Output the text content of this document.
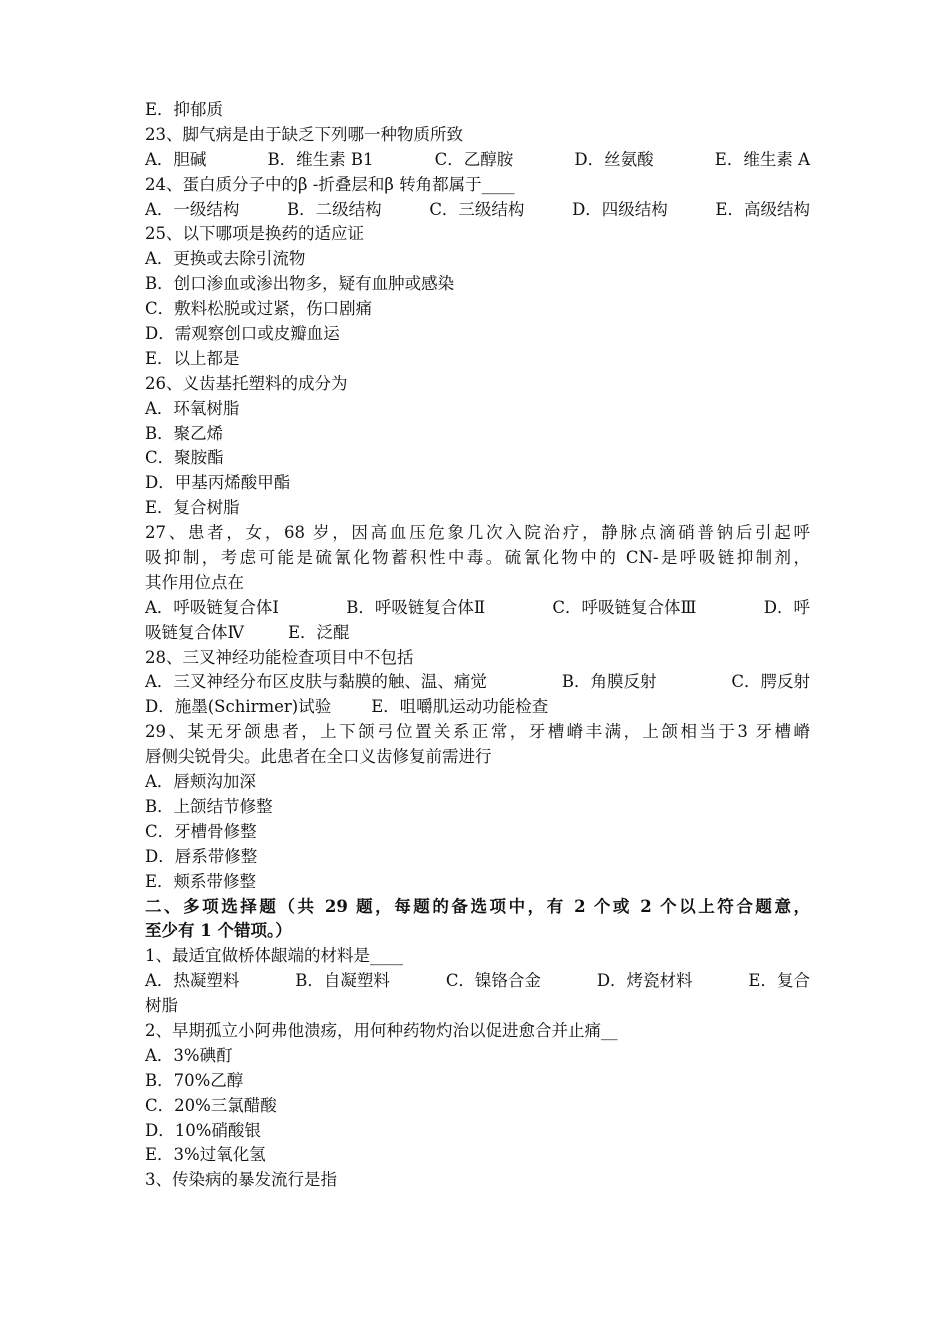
E．抑郁质
23、脚气病是由于缺乏下列哪一种物质所致
A．胆碱	B．维生素 B1	C．乙醇胺	D．丝氨酸	E．维生素 A
24、蛋白质分子中的β -折叠层和β 转角都属于____
A．一级结构	B．二级结构	C．三级结构	D．四级结构	E．高级结构
25、以下哪项是换药的适应证
A．更换或去除引流物
B．创口渗血或渗出物多，疑有血肿或感染
C．敷料松脱或过紧，伤口剧痛
D．需观察创口或皮瓣血运
E．以上都是
26、义齿基托塑料的成分为
A．环氧树脂
B．聚乙烯
C．聚胺酯
D．甲基丙烯酸甲酯
E．复合树脂
27、患者，女，68 岁，因高血压危象几次入院治疗，静脉点滴硝普钠后引起呼
吸抑制，考虑可能是硫氰化物蓄积性中毒。硫氰化物中的 CN-是呼吸链抑制剂，
其作用位点在
A．呼吸链复合体Ⅰ	B．呼吸链复合体Ⅱ	C．呼吸链复合体Ⅲ	D．呼
吸链复合体Ⅳ	E．泛醌
28、三叉神经功能检查项目中不包括
A．三叉神经分布区皮肤与黏膜的触、温、痛觉	B．角膜反射	C．腭反射
D．施墨(Schirmer)试验 E．咀嚼肌运动功能检查
29、某无牙颌患者，上下颌弓位置关系正常，牙槽嵴丰满，上颌相当于3 牙槽嵴
唇侧尖锐骨尖。此患者在全口义齿修复前需进行
A．唇颊沟加深
B．上颌结节修整
C．牙槽骨修整
D．唇系带修整
E．颊系带修整
二、多项选择题（共 29 题，每题的备选项中，有 2 个或 2 个以上符合题意，
至少有 1 个错项。）
1、最适宜做桥体龈端的材料是____
A．热凝塑料	B．自凝塑料	C．镍铬合金	D．烤瓷材料	E．复合
树脂
2、早期孤立小阿弗他溃疡，用何种药物灼治以促进愈合并止痛__
A．3%碘酊
B．70%乙醇
C．20%三氯醋酸
D．10%硝酸银
E．3%过氧化氢
3、传染病的暴发流行是指
